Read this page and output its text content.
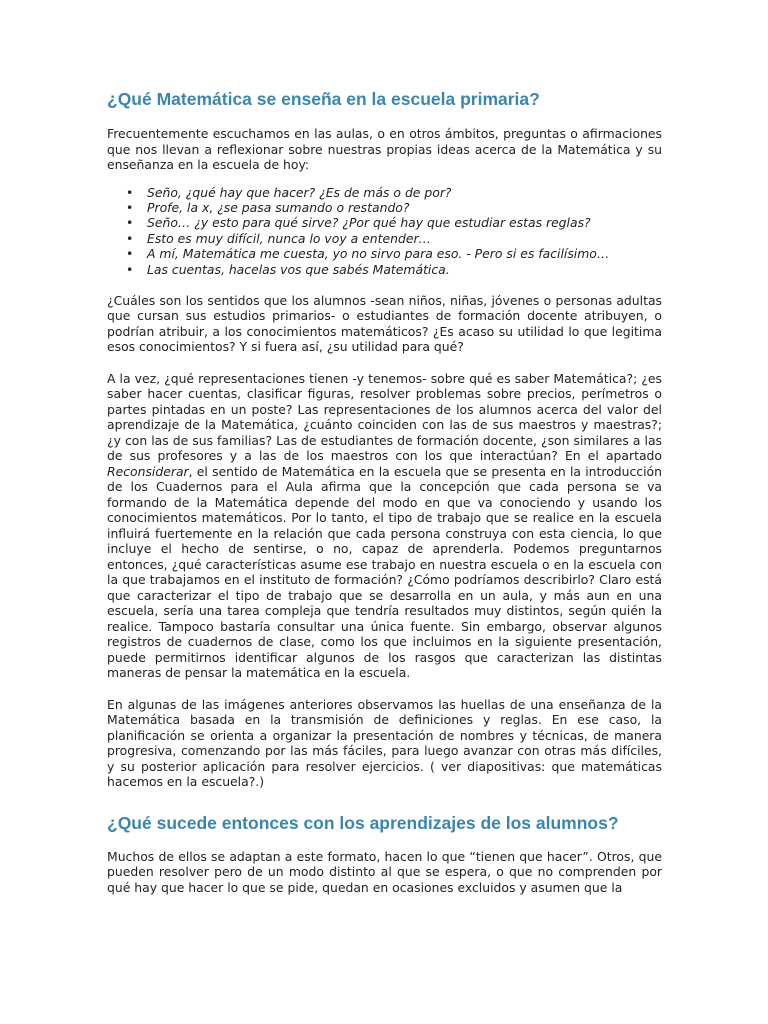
¿Qué Matemática se enseña en la escuela primaria?

Frecuentemente escuchamos en las aulas, o en otros ámbitos, preguntas o afirmaciones que nos llevan a reflexionar sobre nuestras propias ideas acerca de la Matemática y su enseñanza en la escuela de hoy:

• Seño, ¿qué hay que hacer? ¿Es de más o de por?
• Profe, la x, ¿se pasa sumando o restando?
• Seño… ¿y esto para qué sirve? ¿Por qué hay que estudiar estas reglas?
• Esto es muy difícil, nunca lo voy a entender…
• A mí, Matemática me cuesta, yo no sirvo para eso. - Pero si es facilísimo…
• Las cuentas, hacelas vos que sabés Matemática.

¿Cuáles son los sentidos que los alumnos -sean niños, niñas, jóvenes o personas adultas que cursan sus estudios primarios- o estudiantes de formación docente atribuyen, o podrían atribuir, a los conocimientos matemáticos? ¿Es acaso su utilidad lo que legitima esos conocimientos? Y si fuera así, ¿su utilidad para qué?

A la vez, ¿qué representaciones tienen -y tenemos- sobre qué es saber Matemática?; ¿es saber hacer cuentas, clasificar figuras, resolver problemas sobre precios, perímetros o partes pintadas en un poste? Las representaciones de los alumnos acerca del valor del aprendizaje de la Matemática, ¿cuánto coinciden con las de sus maestros y maestras?; ¿y con las de sus familias? Las de estudiantes de formación docente, ¿son similares a las de sus profesores y a las de los maestros con los que interactúan? En el apartado Reconsiderar, el sentido de Matemática en la escuela que se presenta en la introducción de los Cuadernos para el Aula afirma que la concepción que cada persona se va formando de la Matemática depende del modo en que va conociendo y usando los conocimientos matemáticos. Por lo tanto, el tipo de trabajo que se realice en la escuela influirá fuertemente en la relación que cada persona construya con esta ciencia, lo que incluye el hecho de sentirse, o no, capaz de aprenderla. Podemos preguntarnos entonces, ¿qué características asume ese trabajo en nuestra escuela o en la escuela con la que trabajamos en el instituto de formación? ¿Cómo podríamos describirlo? Claro está que caracterizar el tipo de trabajo que se desarrolla en un aula, y más aun en una escuela, sería una tarea compleja que tendría resultados muy distintos, según quién la realice. Tampoco bastaría consultar una única fuente. Sin embargo, observar algunos registros de cuadernos de clase, como los que incluimos en la siguiente presentación, puede permitirnos identificar algunos de los rasgos que caracterizan las distintas maneras de pensar la matemática en la escuela.

En algunas de las imágenes anteriores observamos las huellas de una enseñanza de la Matemática basada en la transmisión de definiciones y reglas. En ese caso, la planificación se orienta a organizar la presentación de nombres y técnicas, de manera progresiva, comenzando por las más fáciles, para luego avanzar con otras más difíciles, y su posterior aplicación para resolver ejercicios. ( ver diapositivas: que matemáticas hacemos en la escuela?.)

¿Qué sucede entonces con los aprendizajes de los alumnos?

Muchos de ellos se adaptan a este formato, hacen lo que “tienen que hacer”. Otros, que pueden resolver pero de un modo distinto al que se espera, o que no comprenden por qué hay que hacer lo que se pide, quedan en ocasiones excluidos y asumen que la
